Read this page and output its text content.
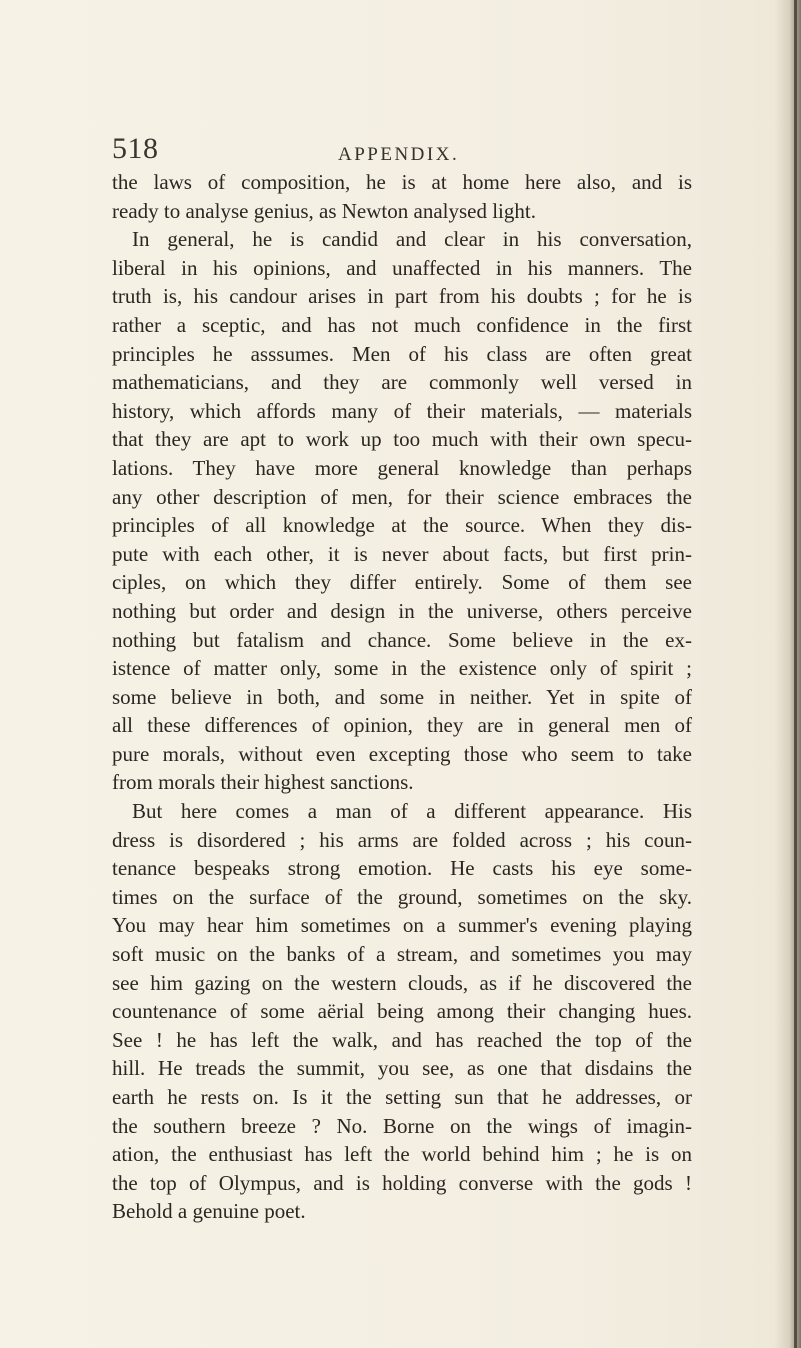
518	APPENDIX.
the laws of composition, he is at home here also, and is
ready to analyse genius, as Newton analysed light.
In general, he is candid and clear in his conversation,
liberal in his opinions, and unaffected in his manners. The
truth is, his candour arises in part from his doubts ; for he is
rather a sceptic, and has not much confidence in the first
principles he asssumes. Men of his class are often great
mathematicians, and they are commonly well versed in
history, which affords many of their materials, — materials
that they are apt to work up too much with their own specu-
lations. They have more general knowledge than perhaps
any other description of men, for their science embraces the
principles of all knowledge at the source. When they dis-
pute with each other, it is never about facts, but first prin-
ciples, on which they differ entirely. Some of them see
nothing but order and design in the universe, others perceive
nothing but fatalism and chance. Some believe in the ex-
istence of matter only, some in the existence only of spirit ;
some believe in both, and some in neither. Yet in spite of
all these differences of opinion, they are in general men of
pure morals, without even excepting those who seem to take
from morals their highest sanctions.
But here comes a man of a different appearance. His
dress is disordered ; his arms are folded across ; his coun-
tenance bespeaks strong emotion. He casts his eye some-
times on the surface of the ground, sometimes on the sky.
You may hear him sometimes on a summer's evening playing
soft music on the banks of a stream, and sometimes you may
see him gazing on the western clouds, as if he discovered the
countenance of some aërial being among their changing hues.
See ! he has left the walk, and has reached the top of the
hill. He treads the summit, you see, as one that disdains the
earth he rests on. Is it the setting sun that he addresses, or
the southern breeze ? No. Borne on the wings of imagin-
ation, the enthusiast has left the world behind him ; he is on
the top of Olympus, and is holding converse with the gods !
Behold a genuine poet.
